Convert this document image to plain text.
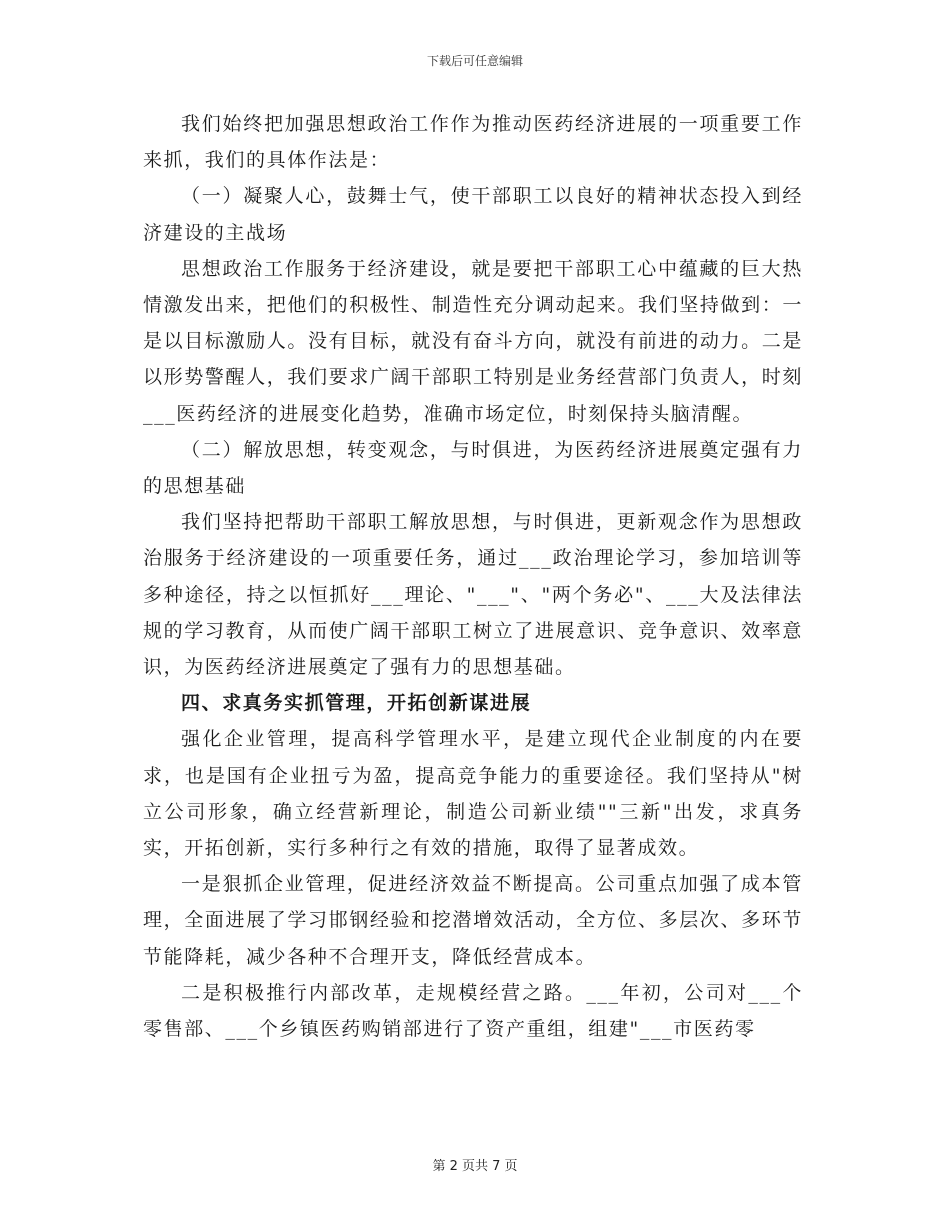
下载后可任意编辑

我们始终把加强思想政治工作作为推动医药经济进展的一项重要工作来抓，我们的具体作法是：

（一）凝聚人心，鼓舞士气，使干部职工以良好的精神状态投入到经济建设的主战场

思想政治工作服务于经济建设，就是要把干部职工心中蕴藏的巨大热情激发出来，把他们的积极性、制造性充分调动起来。我们坚持做到：一是以目标激励人。没有目标，就没有奋斗方向，就没有前进的动力。二是以形势警醒人，我们要求广阔干部职工特别是业务经营部门负责人，时刻___医药经济的进展变化趋势，准确市场定位，时刻保持头脑清醒。

（二）解放思想，转变观念，与时俱进，为医药经济进展奠定强有力的思想基础

我们坚持把帮助干部职工解放思想，与时俱进，更新观念作为思想政治服务于经济建设的一项重要任务，通过___政治理论学习，参加培训等多种途径，持之以恒抓好___理论、"___"、"两个务必"、___大及法律法规的学习教育，从而使广阔干部职工树立了进展意识、竞争意识、效率意识，为医药经济进展奠定了强有力的思想基础。

四、求真务实抓管理，开拓创新谋进展

强化企业管理，提高科学管理水平，是建立现代企业制度的内在要求，也是国有企业扭亏为盈，提高竞争能力的重要途径。我们坚持从"树立公司形象，确立经营新理论，制造公司新业绩""三新"出发，求真务实，开拓创新，实行多种行之有效的措施，取得了显著成效。

一是狠抓企业管理，促进经济效益不断提高。公司重点加强了成本管理，全面进展了学习邯钢经验和挖潜增效活动，全方位、多层次、多环节节能降耗，减少各种不合理开支，降低经营成本。

二是积极推行内部改革，走规模经营之路。___年初，公司对___个零售部、___个乡镇医药购销部进行了资产重组，组建"___市医药零

第 2 页共 7 页
